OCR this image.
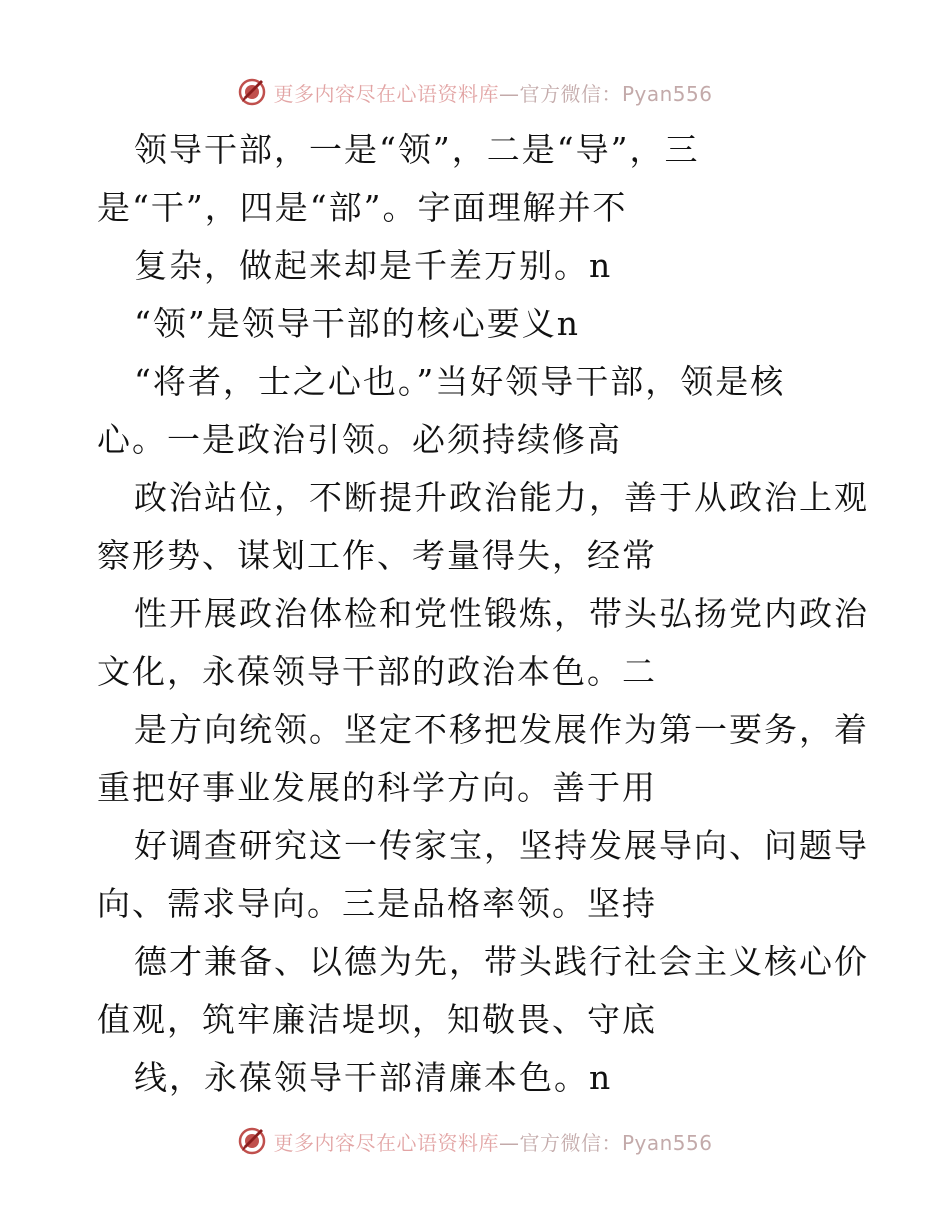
更多内容尽在心语资料库 —官方微信：Pyan556
领导干部，一是“领”，二是“导”，三
是“干”，四是“部”。字面理解并不
复杂，做起来却是千差万别。n
“领”是领导干部的核心要义n
“将者，士之心也。”当好领导干部，领是核
心。一是政治引领。必须持续修高
政治站位，不断提升政治能力，善于从政治上观
察形势、谋划工作、考量得失，经常
性开展政治体检和党性锻炼，带头弘扬党内政治
文化，永葆领导干部的政治本色。二
是方向统领。坚定不移把发展作为第一要务，着
重把好事业发展的科学方向。善于用
好调查研究这一传家宝，坚持发展导向、问题导
向、需求导向。三是品格率领。坚持
德才兼备、以德为先，带头践行社会主义核心价
值观，筑牢廉洁堤坝，知敬畏、守底
线，永葆领导干部清廉本色。n
更多内容尽在心语资料库 —官方微信：Pyan556
